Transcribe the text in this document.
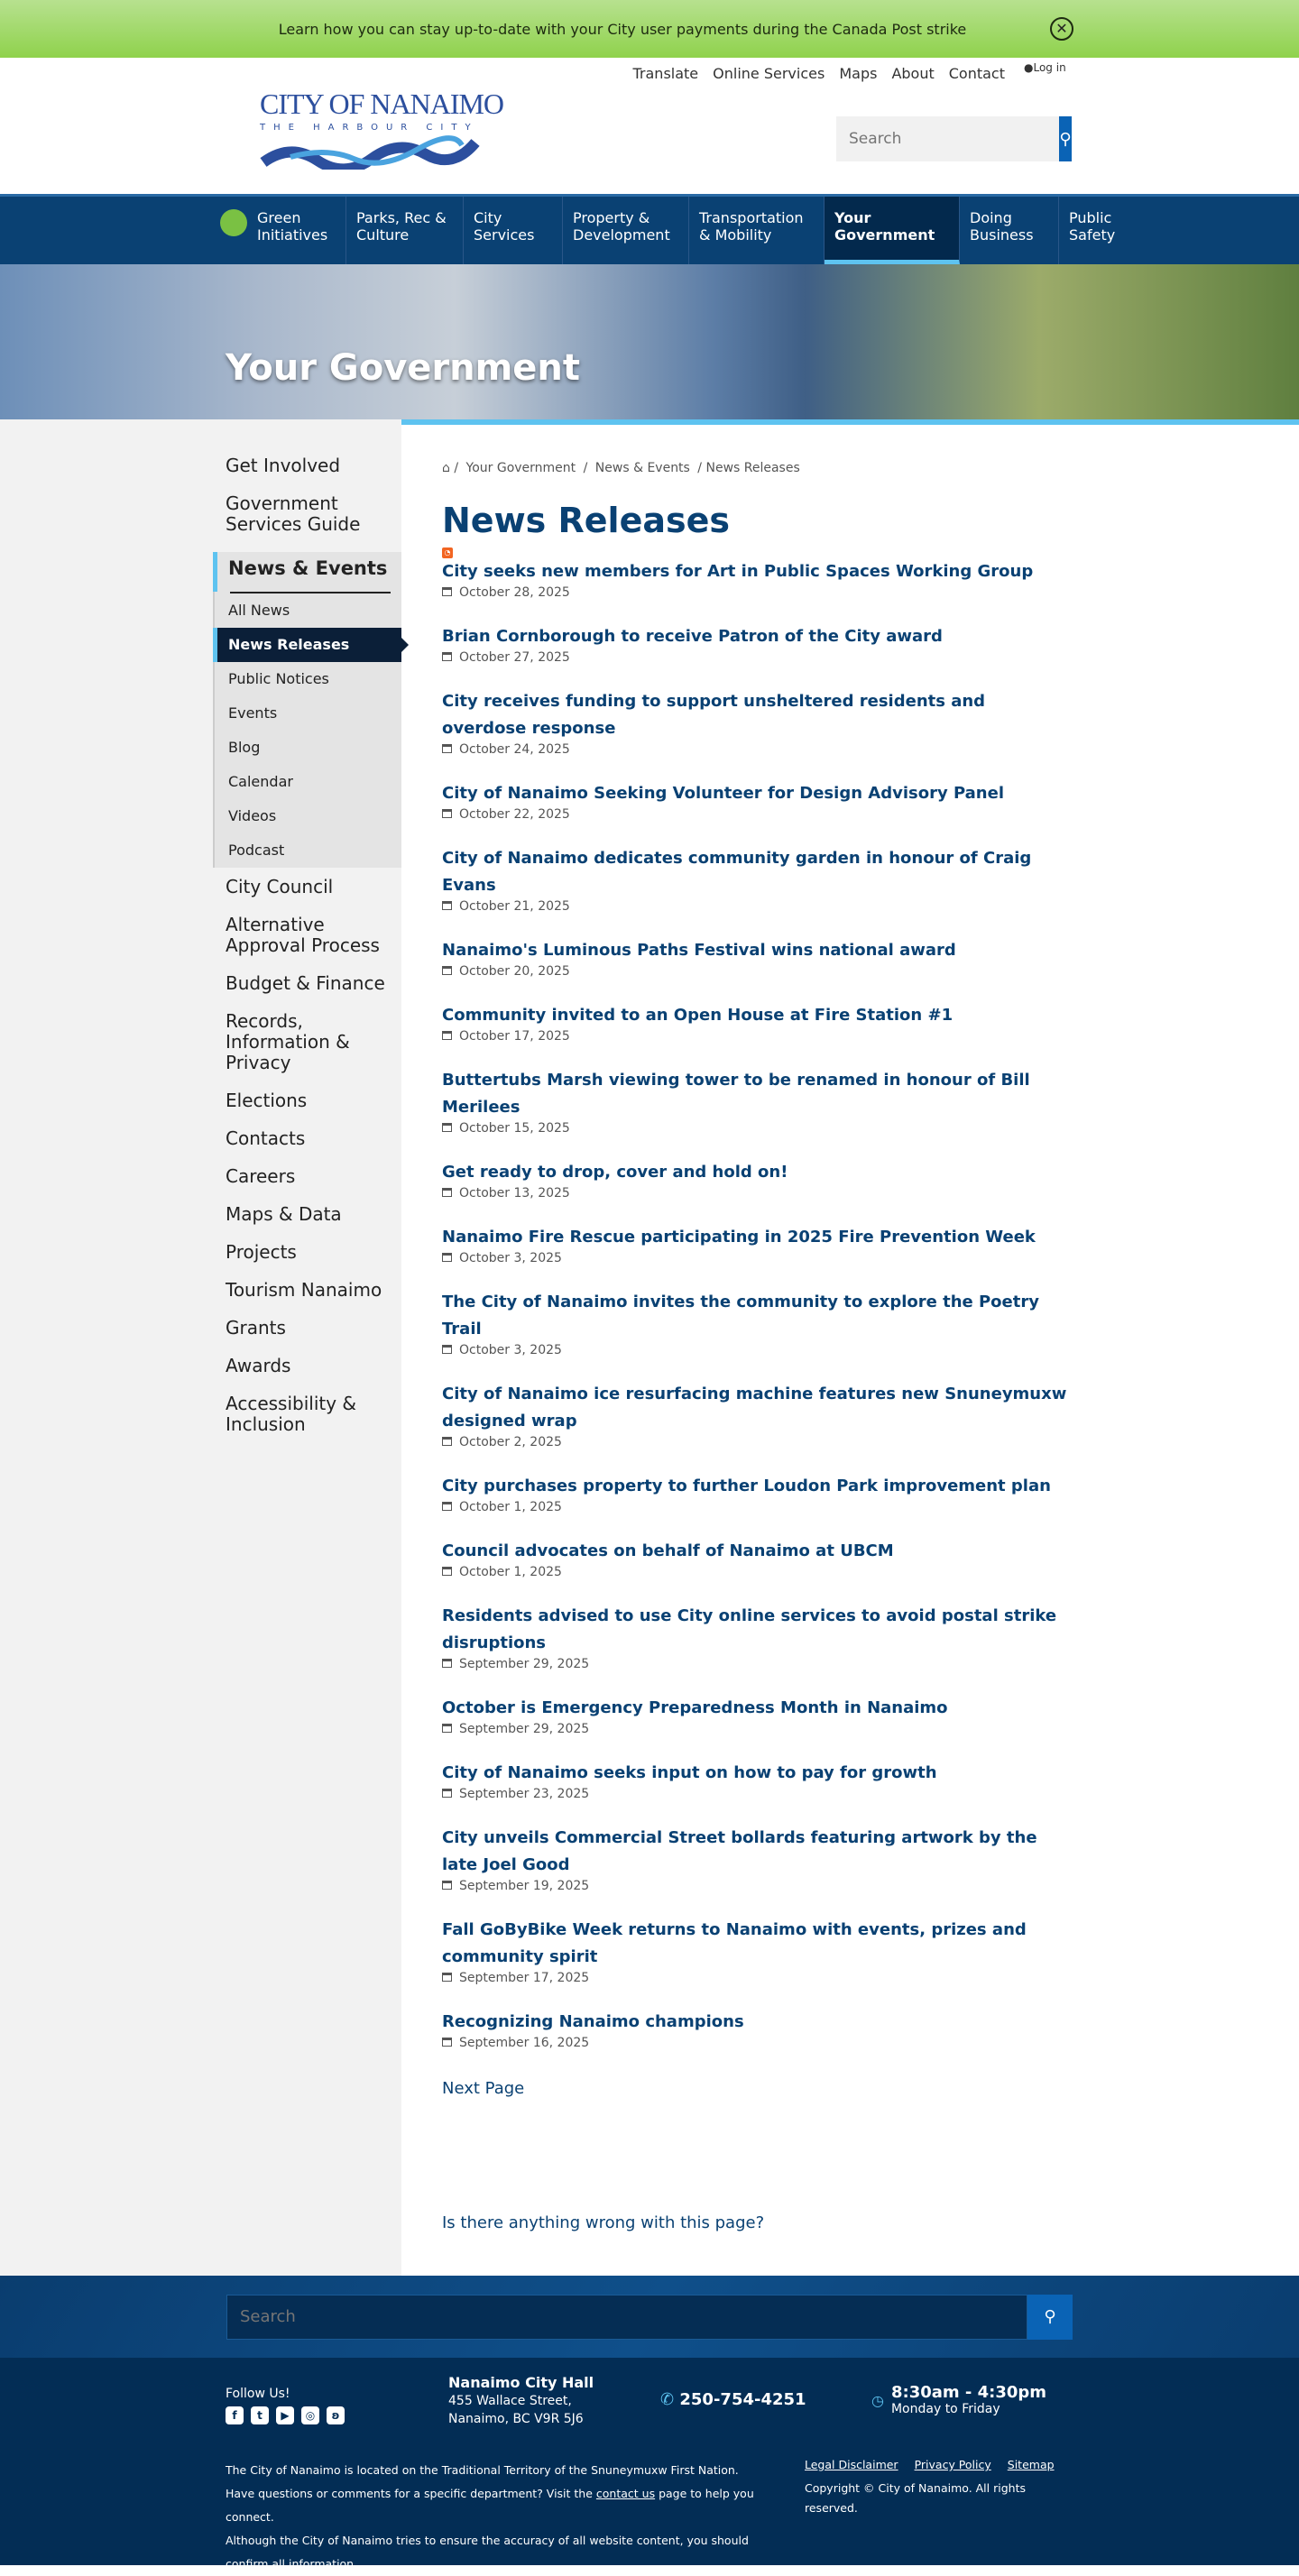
Learn how you can stay up-to-date with your City user payments during the Canada Post strike	✕
Translate Online Services Maps About Contact ●Log in
CITY OF NANAIMO
THE HARBOUR CITY
Search
⚲
Green Initiatives
Parks, Rec & Culture
City Services
Property & Development
Transportation & Mobility
Your Government
Doing Business
Public Safety
Your Government
Get Involved
Government Services Guide
News & Events
All News
News Releases
Public Notices
Events
Blog
Calendar
Videos
Podcast
City Council
Alternative Approval Process
Budget & Finance
Records, Information & Privacy
Elections
Contacts
Careers
Maps & Data
Projects
Tourism Nanaimo
Grants
Awards
Accessibility & Inclusion
⌂ / Your Government / News & Events / News Releases
News Releases
◔
City seeks new members for Art in Public Spaces Working Group
October 28, 2025
Brian Cornborough to receive Patron of the City award
October 27, 2025
City receives funding to support unsheltered residents and overdose response
October 24, 2025
City of Nanaimo Seeking Volunteer for Design Advisory Panel
October 22, 2025
City of Nanaimo dedicates community garden in honour of Craig Evans
October 21, 2025
Nanaimo's Luminous Paths Festival wins national award
October 20, 2025
Community invited to an Open House at Fire Station #1
October 17, 2025
Buttertubs Marsh viewing tower to be renamed in honour of Bill Merilees
October 15, 2025
Get ready to drop, cover and hold on!
October 13, 2025
Nanaimo Fire Rescue participating in 2025 Fire Prevention Week
October 3, 2025
The City of Nanaimo invites the community to explore the Poetry Trail
October 3, 2025
City of Nanaimo ice resurfacing machine features new Snuneymuxw designed wrap
October 2, 2025
City purchases property to further Loudon Park improvement plan
October 1, 2025
Council advocates on behalf of Nanaimo at UBCM
October 1, 2025
Residents advised to use City online services to avoid postal strike disruptions
September 29, 2025
October is Emergency Preparedness Month in Nanaimo
September 29, 2025
City of Nanaimo seeks input on how to pay for growth
September 23, 2025
City unveils Commercial Street bollards featuring artwork by the late Joel Good
September 19, 2025
Fall GoByBike Week returns to Nanaimo with events, prizes and community spirit
September 17, 2025
Recognizing Nanaimo champions
September 16, 2025
Next Page
Is there anything wrong with this page?
Search
⚲
Follow Us!
f	t	▶	◎	ʚ
Nanaimo City Hall
455 Wallace Street,
Nanaimo, BC V9R 5J6
✆ 250-754-4251	◷ 8:30am - 4:30pm
Monday to Friday
The City of Nanaimo is located on the Traditional Territory of the Snuneymuxw First Nation.
Have questions or comments for a specific department? Visit the contact us page to help you connect.
Although the City of Nanaimo tries to ensure the accuracy of all website content, you should confirm all information.
Legal Disclaimer Privacy Policy Sitemap
Copyright © City of Nanaimo. All rights reserved.
